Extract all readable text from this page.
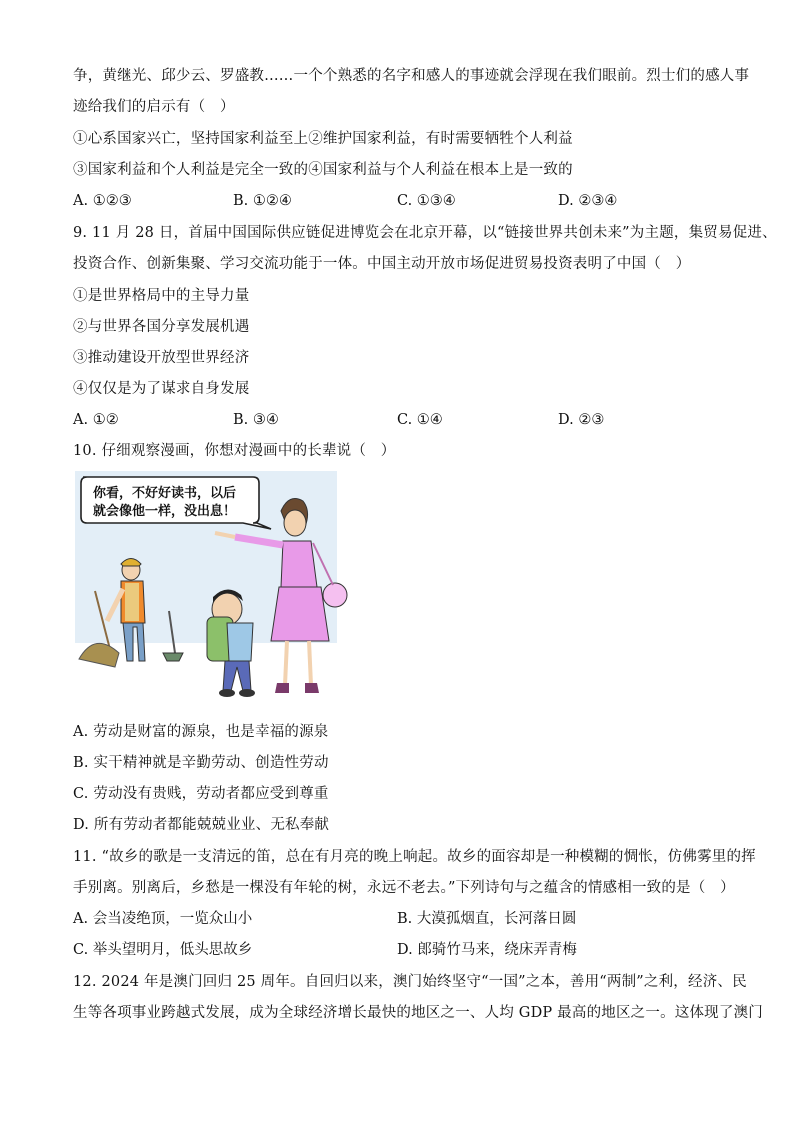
争，黄继光、邱少云、罗盛教……一个个熟悉的名字和感人的事迹就会浮现在我们眼前。烈士们的感人事
迹给我们的启示有（　）
①心系国家兴亡，坚持国家利益至上②维护国家利益，有时需要牺牲个人利益
③国家利益和个人利益是完全一致的④国家利益与个人利益在根本上是一致的
A. ①②③	B. ①②④	C. ①③④	D. ②③④
9. 11 月 28 日，首届中国国际供应链促进博览会在北京开幕，以“链接世界共创未来”为主题，集贸易促进、
投资合作、创新集聚、学习交流功能于一体。中国主动开放市场促进贸易投资表明了中国（　）
①是世界格局中的主导力量
②与世界各国分享发展机遇
③推动建设开放型世界经济
④仅仅是为了谋求自身发展
A. ①②	B. ③④	C. ①④	D. ②③
10. 仔细观察漫画，你想对漫画中的长辈说（　）
你看，不好好读书，以后
就会像他一样，没出息！
A. 劳动是财富的源泉，也是幸福的源泉
B. 实干精神就是辛勤劳动、创造性劳动
C. 劳动没有贵贱，劳动者都应受到尊重
D. 所有劳动者都能兢兢业业、无私奉献
11. “故乡的歌是一支清远的笛，总在有月亮的晚上响起。故乡的面容却是一种模糊的惆怅，仿佛雾里的挥
手别离。别离后，乡愁是一棵没有年轮的树，永远不老去。”下列诗句与之蕴含的情感相一致的是（　）
A. 会当凌绝顶，一览众山小	B. 大漠孤烟直，长河落日圆
C. 举头望明月，低头思故乡	D. 郎骑竹马来，绕床弄青梅
12. 2024 年是澳门回归 25 周年。自回归以来，澳门始终坚守“一国”之本，善用“两制”之利，经济、民
生等各项事业跨越式发展，成为全球经济增长最快的地区之一、人均 GDP 最高的地区之一。这体现了澳门
